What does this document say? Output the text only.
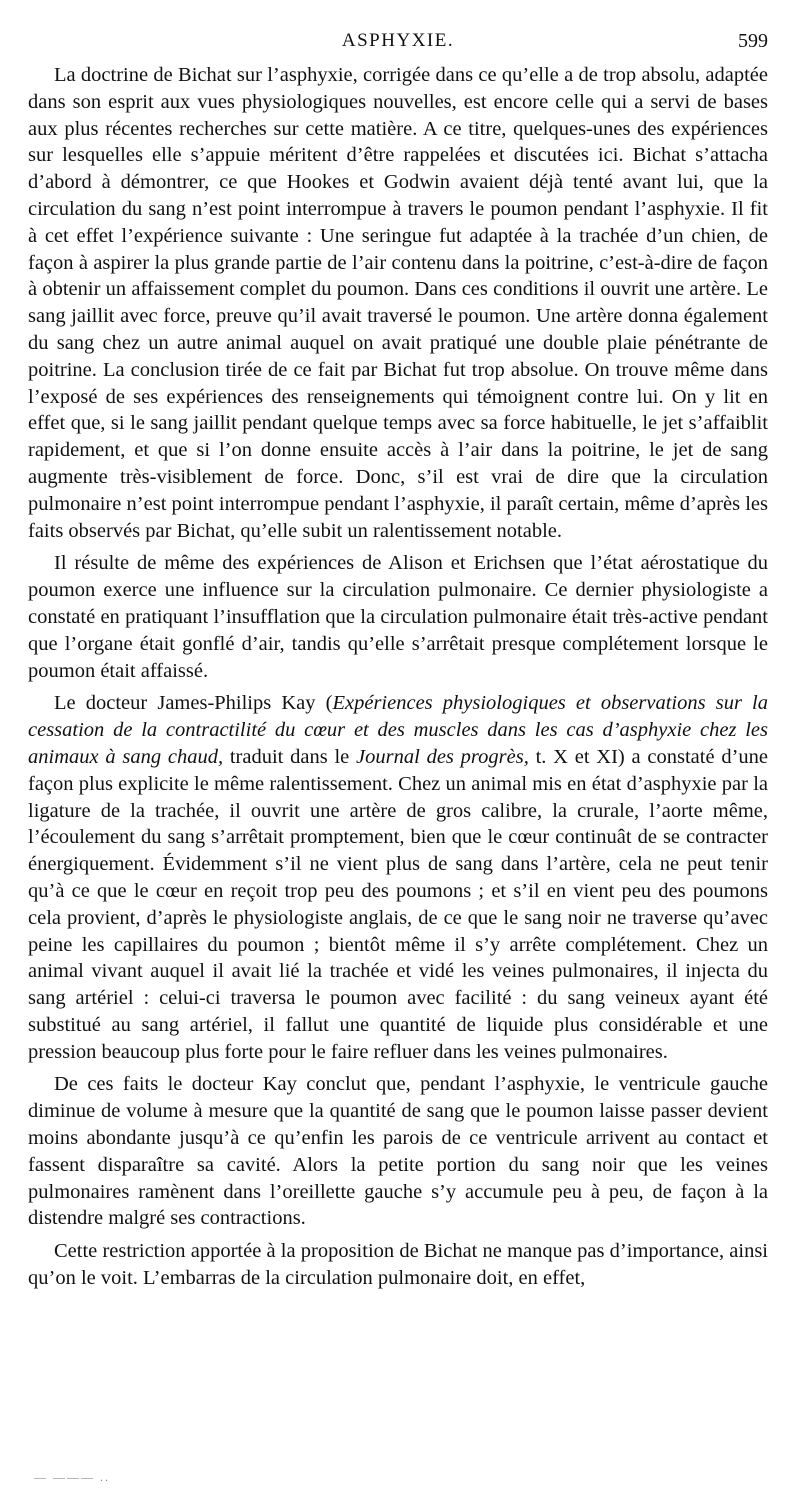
ASPHYXIE.	599

La doctrine de Bichat sur l’asphyxie, corrigée dans ce qu’elle a de trop absolu, adaptée dans son esprit aux vues physiologiques nouvelles, est encore celle qui a servi de bases aux plus récentes recherches sur cette matière. A ce titre, quelques-unes des expériences sur lesquelles elle s’appuie méritent d’être rappelées et discutées ici. Bichat s’attacha d’abord à démontrer, ce que Hookes et Godwin avaient déjà tenté avant lui, que la circulation du sang n’est point interrompue à travers le poumon pendant l’asphyxie. Il fit à cet effet l’expérience suivante : Une seringue fut adaptée à la trachée d’un chien, de façon à aspirer la plus grande partie de l’air contenu dans la poitrine, c’est-à-dire de façon à obtenir un affaissement complet du poumon. Dans ces conditions il ouvrit une artère. Le sang jaillit avec force, preuve qu’il avait traversé le poumon. Une artère donna également du sang chez un autre animal auquel on avait pratiqué une double plaie pénétrante de poitrine. La conclusion tirée de ce fait par Bichat fut trop absolue. On trouve même dans l’exposé de ses expériences des renseignements qui témoignent contre lui. On y lit en effet que, si le sang jaillit pendant quelque temps avec sa force habituelle, le jet s’affaiblit rapidement, et que si l’on donne ensuite accès à l’air dans la poitrine, le jet de sang augmente très-visiblement de force. Donc, s’il est vrai de dire que la circulation pulmonaire n’est point interrompue pendant l’asphyxie, il paraît certain, même d’après les faits observés par Bichat, qu’elle subit un ralentissement notable.

Il résulte de même des expériences de Alison et Erichsen que l’état aérostatique du poumon exerce une influence sur la circulation pulmonaire. Ce dernier physiologiste a constaté en pratiquant l’insufflation que la circulation pulmonaire était très-active pendant que l’organe était gonflé d’air, tandis qu’elle s’arrêtait presque complétement lorsque le poumon était affaissé.

Le docteur James-Philips Kay (Expériences physiologiques et observations sur la cessation de la contractilité du cœur et des muscles dans les cas d’asphyxie chez les animaux à sang chaud, traduit dans le Journal des progrès, t. X et XI) a constaté d’une façon plus explicite le même ralentissement. Chez un animal mis en état d’asphyxie par la ligature de la trachée, il ouvrit une artère de gros calibre, la crurale, l’aorte même, l’écoulement du sang s’arrêtait promptement, bien que le cœur continuât de se contracter énergiquement. Évidemment s’il ne vient plus de sang dans l’artère, cela ne peut tenir qu’à ce que le cœur en reçoit trop peu des poumons ; et s’il en vient peu des poumons cela provient, d’après le physiologiste anglais, de ce que le sang noir ne traverse qu’avec peine les capillaires du poumon ; bientôt même il s’y arrête complétement. Chez un animal vivant auquel il avait lié la trachée et vidé les veines pulmonaires, il injecta du sang artériel : celui-ci traversa le poumon avec facilité : du sang veineux ayant été substitué au sang artériel, il fallut une quantité de liquide plus considérable et une pression beaucoup plus forte pour le faire refluer dans les veines pulmonaires.

De ces faits le docteur Kay conclut que, pendant l’asphyxie, le ventricule gauche diminue de volume à mesure que la quantité de sang que le poumon laisse passer devient moins abondante jusqu’à ce qu’enfin les parois de ce ventricule arrivent au contact et fassent disparaître sa cavité. Alors la petite portion du sang noir que les veines pulmonaires ramènent dans l’oreillette gauche s’y accumule peu à peu, de façon à la distendre malgré ses contractions.

Cette restriction apportée à la proposition de Bichat ne manque pas d’importance, ainsi qu’on le voit. L’embarras de la circulation pulmonaire doit, en effet,

— ——— ..
